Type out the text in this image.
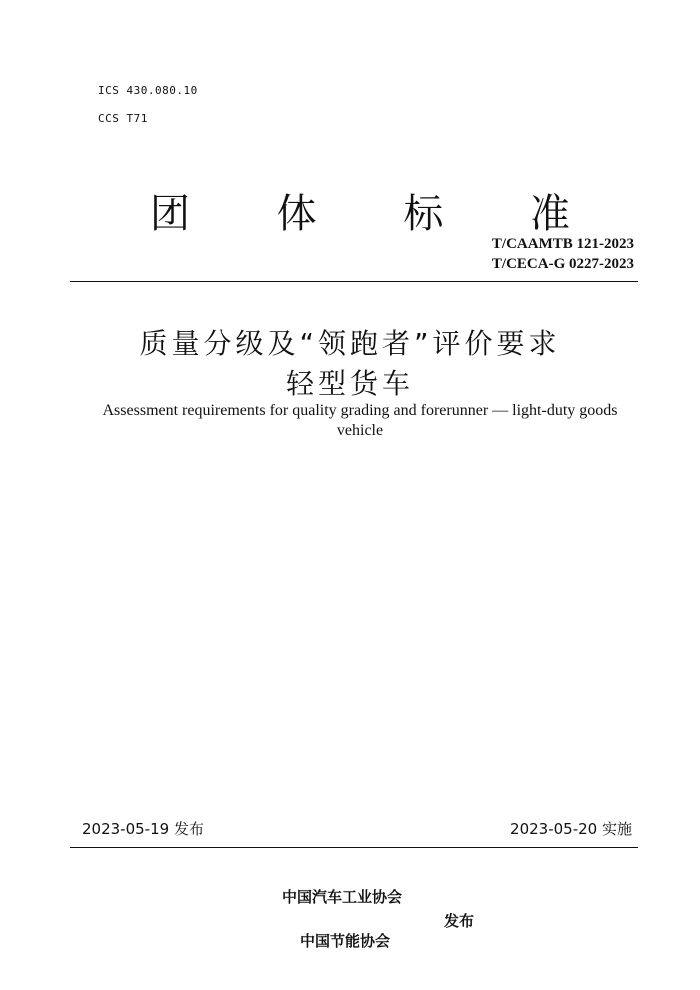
ICS 430.080.10
CCS T71
团 体 标 准
T/CAAMTB 121-2023
T/CECA-G 0227-2023
质量分级及“领跑者”评价要求
轻型货车
Assessment requirements for quality grading and forerunner — light-duty goods vehicle
2023-05-19 发布	2023-05-20 实施
中国汽车工业协会
发布
中国节能协会
